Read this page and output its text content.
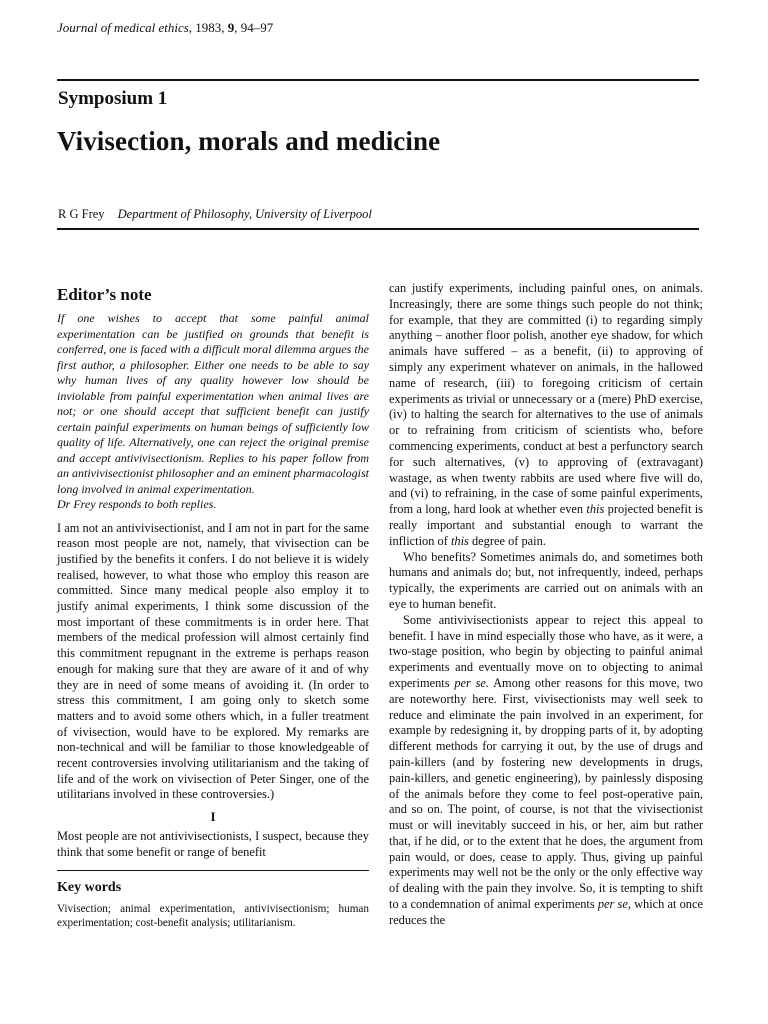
Journal of medical ethics, 1983, 9, 94–97
Symposium 1
Vivisection, morals and medicine
R G Frey Department of Philosophy, University of Liverpool
Editor’s note

If one wishes to accept that some painful animal experimentation can be justified on grounds that benefit is conferred, one is faced with a difficult moral dilemma argues the first author, a philosopher. Either one needs to be able to say why human lives of any quality however low should be inviolable from painful experimentation when animal lives are not; or one should accept that sufficient benefit can justify certain painful experiments on human beings of sufficiently low quality of life. Alternatively, one can reject the original premise and accept antivivisectionism. Replies to his paper follow from an antivivisectionist philosopher and an eminent pharmacologist long involved in animal experimentation.
Dr Frey responds to both replies.

I am not an antivivisectionist, and I am not in part for the same reason most people are not, namely, that vivisection can be justified by the benefits it confers. I do not believe it is widely realised, however, to what those who employ this reason are committed. Since many medical people also employ it to justify animal experiments, I think some discussion of the most important of these commitments is in order here. That members of the medical profession will almost certainly find this commitment repugnant in the extreme is perhaps reason enough for making sure that they are aware of it and of why they are in need of some means of avoiding it. (In order to stress this commitment, I am going only to sketch some matters and to avoid some others which, in a fuller treatment of vivisection, would have to be explored. My remarks are non-technical and will be familiar to those knowledgeable of recent controversies involving utilitarianism and the taking of life and of the work on vivisection of Peter Singer, one of the utilitarians involved in these controversies.)

I

Most people are not antivivisectionists, I suspect, because they think that some benefit or range of benefit

Key words

Vivisection; animal experimentation, antivivisectionism; human experimentation; cost-benefit analysis; utilitarianism.

can justify experiments, including painful ones, on animals. Increasingly, there are some things such people do not think; for example, that they are committed (i) to regarding simply anything – another floor polish, another eye shadow, for which animals have suffered – as a benefit, (ii) to approving of simply any experiment whatever on animals, in the hallowed name of research, (iii) to foregoing criticism of certain experiments as trivial or unnecessary or a (mere) PhD exercise, (iv) to halting the search for alternatives to the use of animals or to refraining from criticism of scientists who, before commencing experiments, conduct at best a perfunctory search for such alternatives, (v) to approving of (extravagant) wastage, as when twenty rabbits are used where five will do, and (vi) to refraining, in the case of some painful experiments, from a long, hard look at whether even this projected benefit is really important and substantial enough to warrant the infliction of this degree of pain.

Who benefits? Sometimes animals do, and sometimes both humans and animals do; but, not infrequently, indeed, perhaps typically, the experiments are carried out on animals with an eye to human benefit.

Some antivivisectionists appear to reject this appeal to benefit. I have in mind especially those who have, as it were, a two-stage position, who begin by objecting to painful animal experiments and eventually move on to objecting to animal experiments per se. Among other reasons for this move, two are noteworthy here. First, vivisectionists may well seek to reduce and eliminate the pain involved in an experiment, for example by redesigning it, by dropping parts of it, by adopting different methods for carrying it out, by the use of drugs and pain-killers (and by fostering new developments in drugs, pain-killers, and genetic engineering), by painlessly disposing of the animals before they come to feel post-operative pain, and so on. The point, of course, is not that the vivisectionist must or will inevitably succeed in his, or her, aim but rather that, if he did, or to the extent that he does, the argument from pain would, or does, cease to apply. Thus, giving up painful experiments may well not be the only or the only effective way of dealing with the pain they involve. So, it is tempting to shift to a condemnation of animal experiments per se, which at once reduces the
